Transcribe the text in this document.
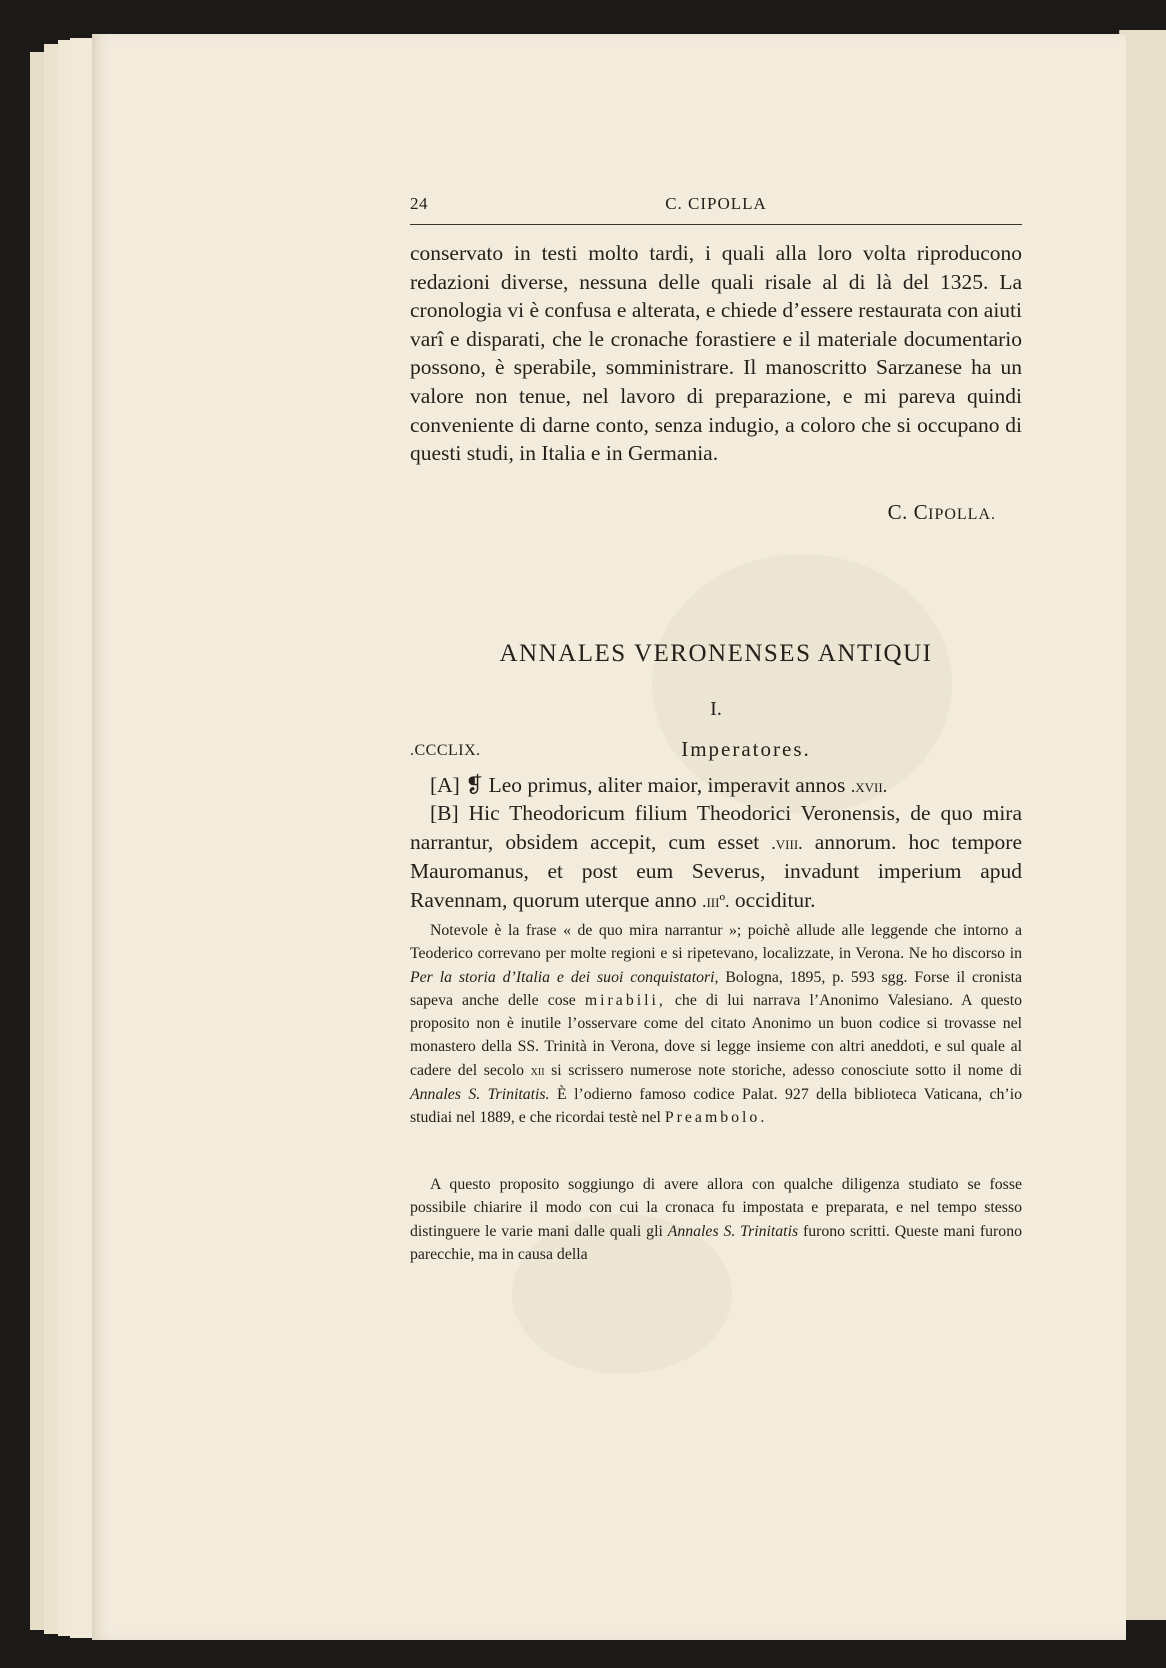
24	C. CIPOLLA

conservato in testi molto tardi, i quali alla loro volta riproducono redazioni diverse, nessuna delle quali risale al di là del 1325. La cronologia vi è confusa e alterata, e chiede d’essere restaurata con aiuti varî e disparati, che le cronache forastiere e il materiale documentario possono, è sperabile, somministrare. Il manoscritto Sarzanese ha un valore non tenue, nel lavoro di preparazione, e mi pareva quindi conveniente di darne conto, senza indugio, a coloro che si occupano di questi studi, in Italia e in Germania.

C. CIPOLLA.
ANNALES VERONENSES ANTIQUI
I.
.CCCLIX.	Imperatores.

[A] ❡ Leo primus, aliter maior, imperavit annos .xvii.

[B] Hic Theodoricum filium Theodorici Veronensis, de quo mira narrantur, obsidem accepit, cum esset .viii. annorum. hoc tempore Mauromanus, et post eum Severus, invadunt imperium apud Ravennam, quorum uterque anno .iiiº. occiditur.

Notevole è la frase « de quo mira narrantur »; poichè allude alle leggende che intorno a Teoderico correvano per molte regioni e si ripetevano, localizzate, in Verona. Ne ho discorso in Per la storia d’Italia e dei suoi conquistatori, Bologna, 1895, p. 593 sgg. Forse il cronista sapeva anche delle cose mirabili, che di lui narrava l’Anonimo Valesiano. A questo proposito non è inutile l’osservare come del citato Anonimo un buon codice si trovasse nel monastero della SS. Trinità in Verona, dove si legge insieme con altri aneddoti, e sul quale al cadere del secolo xii si scrissero numerose note storiche, adesso conosciute sotto il nome di Annales S. Trinitatis. È l’odierno famoso codice Palat. 927 della biblioteca Vaticana, ch’io studiai nel 1889, e che ricordai testè nel Preambolo.

A questo proposito soggiungo di avere allora con qualche diligenza studiato se fosse possibile chiarire il modo con cui la cronaca fu impostata e preparata, e nel tempo stesso distinguere le varie mani dalle quali gli Annales S. Trinitatis furono scritti. Queste mani furono parecchie, ma in causa della
